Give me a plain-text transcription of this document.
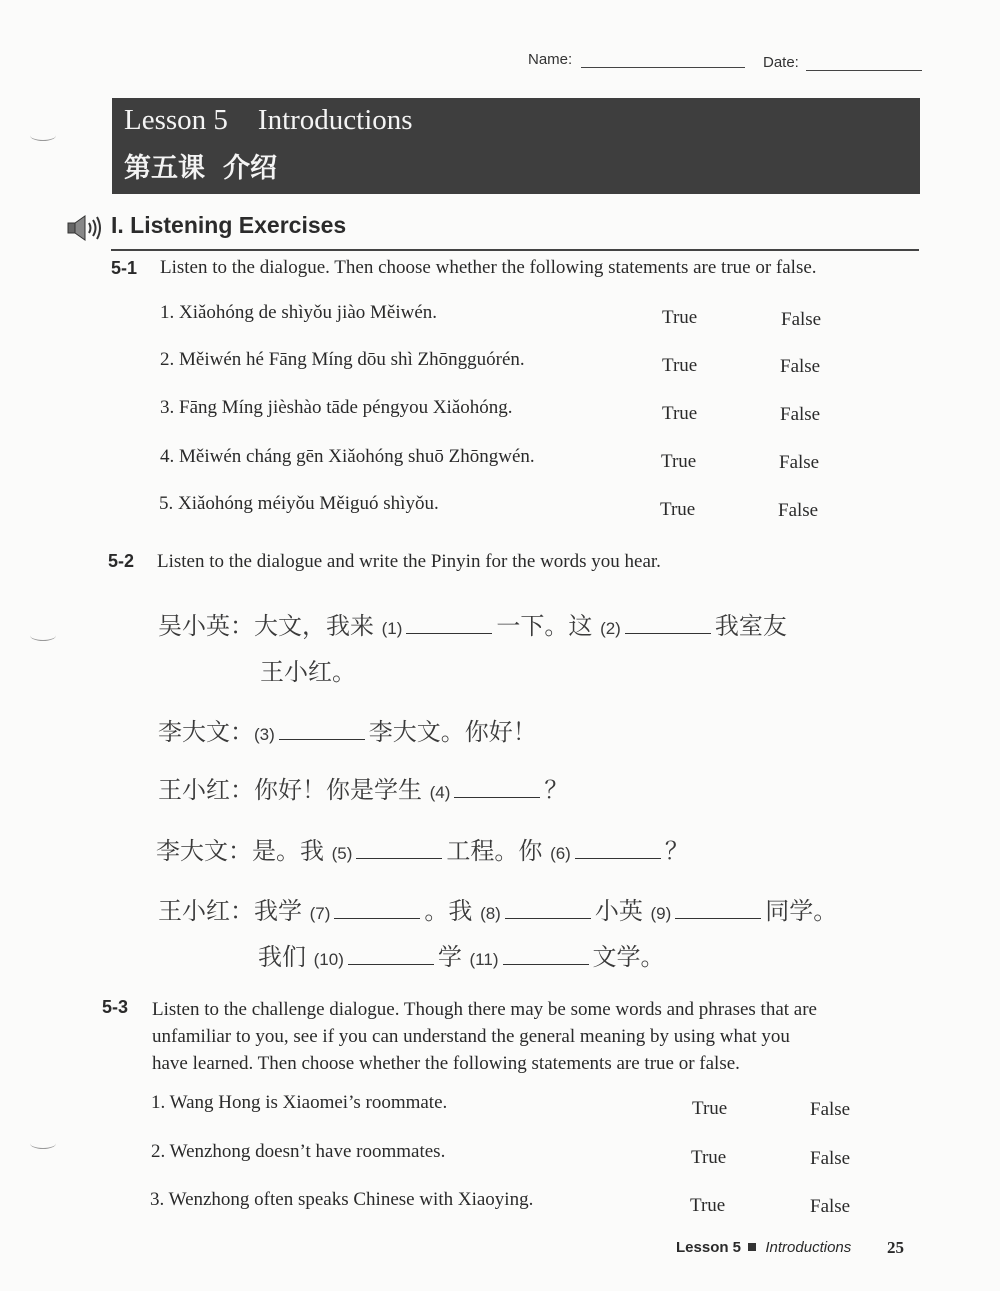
Name:	Date:
Lesson 5 Introductions
第五课 介绍
I. Listening Exercises
5-1 Listen to the dialogue. Then choose whether the following statements are true or false.
1. Xiǎohóng de shìyǒu jiào Měiwén.	True	False
2. Měiwén hé Fāng Míng dōu shì Zhōngguórén.	True	False
3. Fāng Míng jièshào tāde péngyou Xiǎohóng.	True	False
4. Měiwén cháng gēn Xiǎohóng shuō Zhōngwén.	True	False
5. Xiǎohóng méiyǒu Měiguó shìyǒu.	True	False
5-2 Listen to the dialogue and write the Pinyin for the words you hear.
吴小英：大文，我来 (1)	一下。这 (2)	我室友
王小红。
李大文：(3)	李大文。你好！
王小红：你好！你是学生 (4)	？
李大文：是。我 (5)	工程。你 (6)	？
王小红：我学 (7)	。我 (8)	小英 (9)	同学。
我们 (10)	学 (11)	文学。
5-3 Listen to the challenge dialogue. Though there may be some words and phrases that are
unfamiliar to you, see if you can understand the general meaning by using what you
have learned. Then choose whether the following statements are true or false.
1. Wang Hong is Xiaomei’s roommate.	True	False
2. Wenzhong doesn’t have roommates.	True	False
3. Wenzhong often speaks Chinese with Xiaoying.	True	False
Lesson 5 Introductions 25
